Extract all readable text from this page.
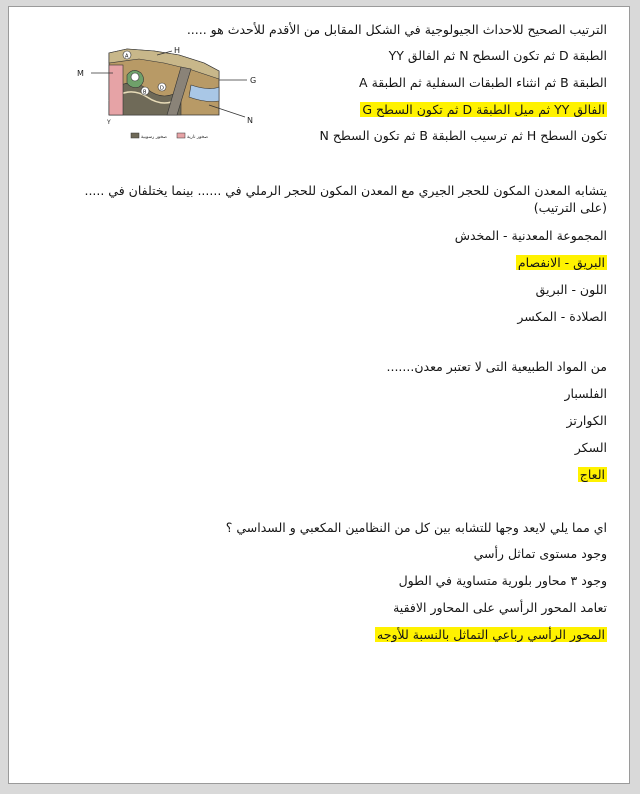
الترتيب الصحيح للاحداث الجيولوجية في الشكل المقابل من الأقدم للأحدث هو .....
الطبقة D ثم تكون السطح N ثم الفالق YY
الطبقة B ثم انثناء الطبقات السفلية ثم الطبقة A
الفالق YY ثم ميل الطبقة D ثم تكون السطح G
تكون السطح H ثم ترسيب الطبقة B ثم تكون السطح N
A
B
D
M
H
G
N
Y
صخور نارية
صخور رسوبية
يتشابه المعدن المكون للحجر الجيري مع المعدن المكون للحجر الرملي في ...... بينما يختلفان في .....
(على الترتيب)
المجموعة المعدنية - المخدش
البريق - الانفصام
اللون - البريق
الصلادة - المكسر
من المواد الطبيعية التى لا تعتبر معدن.......
الفلسبار
الكوارتز
السكر
العاج
اي مما يلي لايعد وجها للتشابه بين كل من النظامين المكعبي و السداسي ؟
وجود مستوى تماثل رأسي
وجود ٣ محاور بلورية متساوية في الطول
تعامد المحور الرأسي على المحاور الافقية
المحور الرأسي رباعي التماثل بالنسبة للأوجه
